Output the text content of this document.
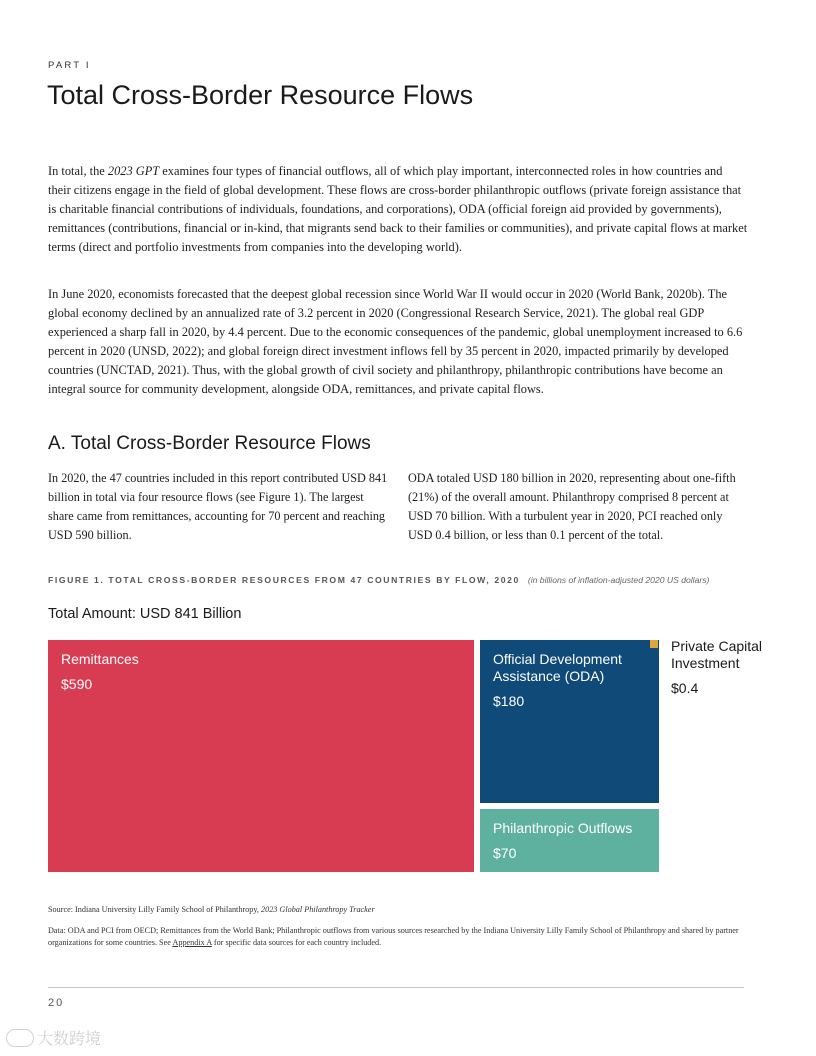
PART I
Total Cross-Border Resource Flows

In total, the 2023 GPT examines four types of financial outflows, all of which play important, interconnected roles in how countries and their citizens engage in the field of global development. These flows are cross-border philanthropic outflows (private foreign assistance that is charitable financial contributions of individuals, foundations, and corporations), ODA (official foreign aid provided by governments), remittances (contributions, financial or in-kind, that migrants send back to their families or communities), and private capital flows at market terms (direct and portfolio investments from companies into the developing world).

In June 2020, economists forecasted that the deepest global recession since World War II would occur in 2020 (World Bank, 2020b). The global economy declined by an annualized rate of 3.2 percent in 2020 (Congressional Research Service, 2021). The global real GDP experienced a sharp fall in 2020, by 4.4 percent. Due to the economic consequences of the pandemic, global unemployment increased to 6.6 percent in 2020 (UNSD, 2022); and global foreign direct investment inflows fell by 35 percent in 2020, impacted primarily by developed countries (UNCTAD, 2021). Thus, with the global growth of civil society and philanthropy, philanthropic contributions have become an integral source for community development, alongside ODA, remittances, and private capital flows.

A. Total Cross-Border Resource Flows

In 2020, the 47 countries included in this report contributed USD 841 billion in total via four resource flows (see Figure 1). The largest share came from remittances, accounting for 70 percent and reaching USD 590 billion.

ODA totaled USD 180 billion in 2020, representing about one-fifth (21%) of the overall amount. Philanthropy comprised 8 percent at USD 70 billion. With a turbulent year in 2020, PCI reached only USD 0.4 billion, or less than 0.1 percent of the total.

FIGURE 1. TOTAL CROSS-BORDER RESOURCES FROM 47 COUNTRIES BY FLOW, 2020 (in billions of inflation-adjusted 2020 US dollars)
Total Amount: USD 841 Billion
Remittances
$590
Official Development Assistance (ODA)
$180
Philanthropic Outflows
$70
Private Capital Investment
$0.4

Source: Indiana University Lilly Family School of Philanthropy, 2023 Global Philanthropy Tracker

Data: ODA and PCI from OECD; Remittances from the World Bank; Philanthropic outflows from various sources researched by the Indiana University Lilly Family School of Philanthropy and shared by partner organizations for some countries. See Appendix A for specific data sources for each country included.

20
大数跨境
